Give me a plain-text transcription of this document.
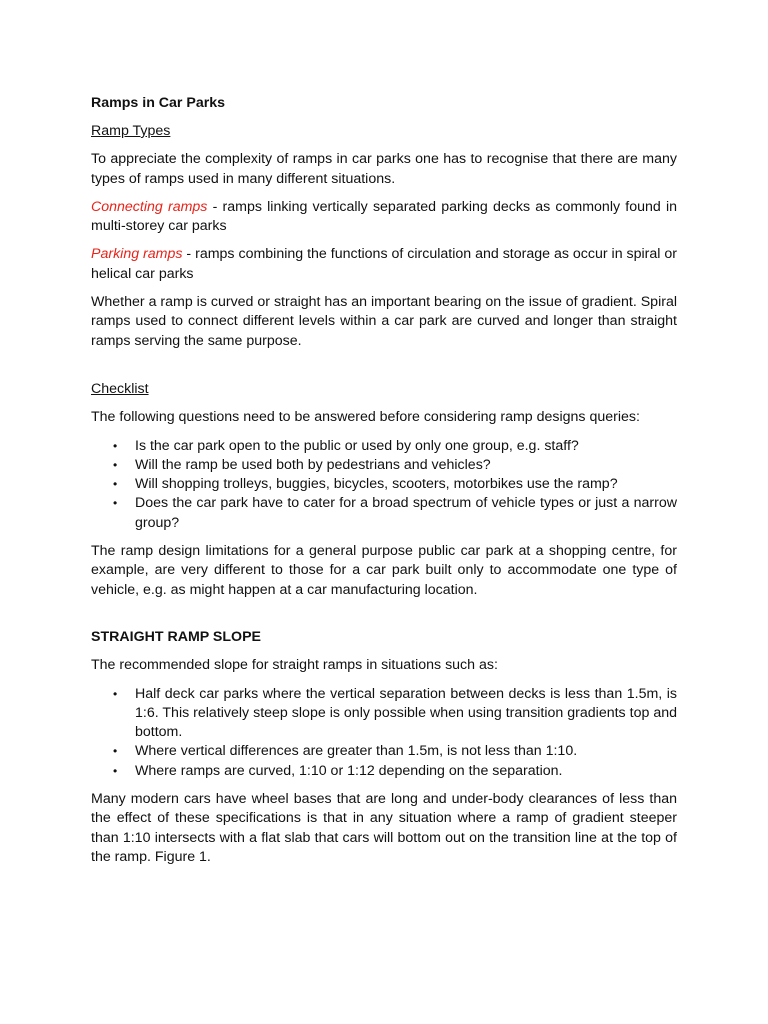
Ramps in Car Parks
Ramp Types

To appreciate the complexity of ramps in car parks one has to recognise that there are many types of ramps used in many different situations.

Connecting ramps - ramps linking vertically separated parking decks as commonly found in multi-storey car parks

Parking ramps - ramps combining the functions of circulation and storage as occur in spiral or helical car parks

Whether a ramp is curved or straight has an important bearing on the issue of gradient. Spiral ramps used to connect different levels within a car park are curved and longer than straight ramps serving the same purpose.

Checklist

The following questions need to be answered before considering ramp designs queries:

• Is the car park open to the public or used by only one group, e.g. staff?
• Will the ramp be used both by pedestrians and vehicles?
• Will shopping trolleys, buggies, bicycles, scooters, motorbikes use the ramp?
• Does the car park have to cater for a broad spectrum of vehicle types or just a narrow group?

The ramp design limitations for a general purpose public car park at a shopping centre, for example, are very different to those for a car park built only to accommodate one type of vehicle, e.g. as might happen at a car manufacturing location.

STRAIGHT RAMP SLOPE

The recommended slope for straight ramps in situations such as:

• Half deck car parks where the vertical separation between decks is less than 1.5m, is 1:6. This relatively steep slope is only possible when using transition gradients top and bottom.
• Where vertical differences are greater than 1.5m, is not less than 1:10.
• Where ramps are curved, 1:10 or 1:12 depending on the separation.

Many modern cars have wheel bases that are long and under-body clearances of less than the effect of these specifications is that in any situation where a ramp of gradient steeper than 1:10 intersects with a flat slab that cars will bottom out on the transition line at the top of the ramp. Figure 1.
